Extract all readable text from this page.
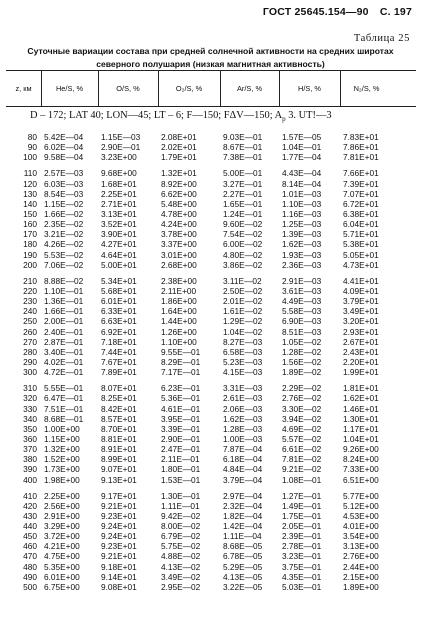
ГОСТ 25645.154—90 С. 197
Таблица 25
Суточные вариации состава при средней солнечной активности на средних широтах северного полушария (низкая магнитная активность)
z, км	He/S, %	O/S, %	O₂/S, %	Ar/S, %	H/S, %	N₂/S, %
D – 172; LAT 40; LON—45; LT – 6; F—150; FΔV—150; $A_p$ 3. UT!—3
80 5.42E—04	1.15E—03	2.08E+01	9.03E—01	1.57E—05	7.83E+01
90 6.02E—04	2.90E—01	2.02E+01	8.67E—01	1.04E—01	7.86E+01
100 9.58E—04	3.23E+00	1.79E+01	7.38E—01	1.77E—04	7.81E+01
110 2.57E—03	9.68E+00	1.32E+01	5.00E—01	4.43E—04	7.66E+01
120 6.03E—03	1.68E+01	8.92E+00	3.27E—01	8.14E—04	7.39E+01
130 8.54E—03	2.25E+01	6.62E+00	2.27E—01	1.01E—03	7.07E+01
140 1.15E—02	2.71E+01	5.48E+00	1.65E—01	1.10E—03	6.72E+01
150 1.66E—02	3.13E+01	4.78E+00	1.24E—01	1.16E—03	6.38E+01
160 2.35E—02	3.52E+01	4.24E+00	9.60E—02	1.25E—03	6.04E+01
170 3.21E—02	3.90E+01	3.78E+00	7.54E—02	1.39E—03	5.71E+01
180 4.26E—02	4.27E+01	3.37E+00	6.00E—02	1.62E—03	5.38E+01
190 5.53E—02	4.64E+01	3.01E+00	4.80E—02	1.93E—03	5.05E+01
200 7.06E—02	5.00E+01	2.68E+00	3.86E—02	2.36E—03	4.73E+01
210 8.88E—02	5.34E+01	2.38E+00	3.11E—02	2.91E—03	4.41E+01
220 1.10E—01	5.68E+01	2.11E+00	2.50E—02	3.61E—03	4.09E+01
230 1.36E—01	6.01E+01	1.86E+00	2.01E—02	4.49E—03	3.79E+01
240 1.66E—01	6.33E+01	1.64E+00	1.61E—02	5.58E—03	3.49E+01
250 2.00E—01	6.63E+01	1.44E+00	1.29E—02	6.90E—03	3.20E+01
260 2.40E—01	6.92E+01	1.26E+00	1.04E—02	8.51E—03	2.93E+01
270 2.87E—01	7.18E+01	1.10E+00	8.27E—03	1.05E—02	2.67E+01
280 3.40E—01	7.44E+01	9.55E—01	6.58E—03	1.28E—02	2.43E+01
290 4.02E—01	7.67E+01	8.29E—01	5.23E—03	1.56E—02	2.20E+01
300 4.72E—01	7.89E+01	7.17E—01	4.15E—03	1.89E—02	1.99E+01
310 5.55E—01	8.07E+01	6.23E—01	3.31E—03	2.29E—02	1.81E+01
320 6.47E—01	8.25E+01	5.36E—01	2.61E—03	2.76E—02	1.62E+01
330 7.51E—01	8.42E+01	4.61E—01	2.06E—03	3.30E—02	1.46E+01
340 8.68E—01	8.57E+01	3.95E—01	1.62E—03	3.94E—02	1.30E+01
350 1.00E+00	8.70E+01	3.39E—01	1.28E—03	4.69E—02	1.17E+01
360 1.15E+00	8.81E+01	2.90E—01	1.00E—03	5.57E—02	1.04E+01
370 1.32E+00	8.91E+01	2.47E—01	7.87E—04	6.61E—02	9.26E+00
380 1.52E+00	8.99E+01	2.11E—01	6.18E—04	7.81E—02	8.24E+00
390 1.73E+00	9.07E+01	1.80E—01	4.84E—04	9.21E—02	7.33E+00
400 1.98E+00	9.13E+01	1.53E—01	3.79E—04	1.08E—01	6.51E+00
410 2.25E+00	9.17E+01	1.30E—01	2.97E—04	1.27E—01	5.77E+00
420 2.56E+00	9.21E+01	1.11E—01	2.32E—04	1.49E—01	5.12E+00
430 2.91E+00	9.23E+01	9.42E—02	1.82E—04	1.75E—01	4.53E+00
440 3.29E+00	9.24E+01	8.00E—02	1.42E—04	2.05E—01	4.01E+00
450 3.72E+00	9.24E+01	6.79E—02	1.11E—04	2.39E—01	3.54E+00
460 4.21E+00	9.23E+01	5.75E—02	8.68E—05	2.78E—01	3.13E+00
470 4.75E+00	9.21E+01	4.88E—02	6.78E—05	3.23E—01	2.76E+00
480 5.35E+00	9.18E+01	4.13E—02	5.29E—05	3.75E—01	2.44E+00
490 6.01E+00	9.14E+01	3.49E—02	4.13E—05	4.35E—01	2.15E+00
500 6.75E+00	9.08E+01	2.95E—02	3.22E—05	5.03E—01	1.89E+00
